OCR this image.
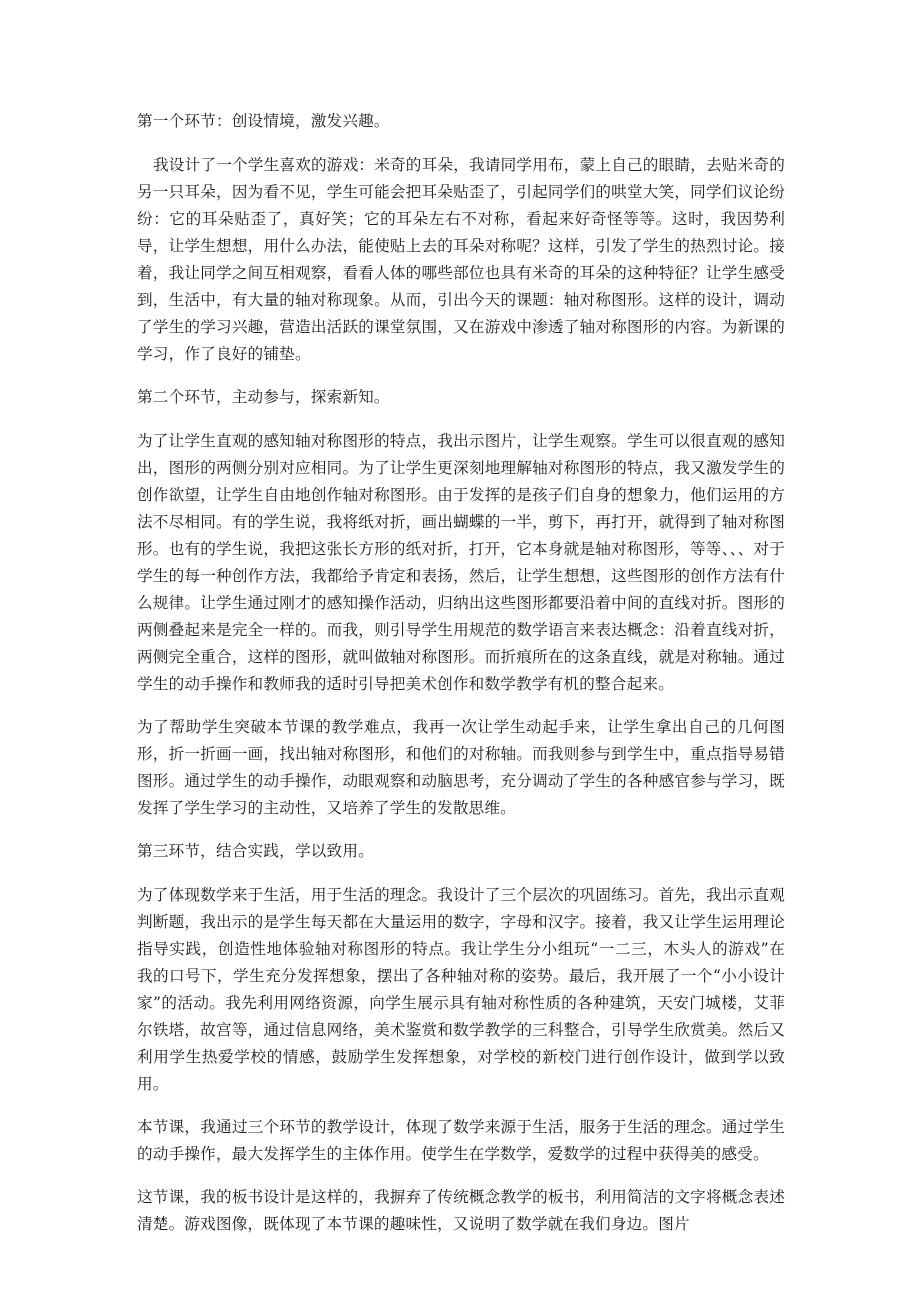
第一个环节：创设情境，激发兴趣。

我设计了一个学生喜欢的游戏：米奇的耳朵，我请同学用布，蒙上自己的眼睛，去贴米奇的另一只耳朵，因为看不见，学生可能会把耳朵贴歪了，引起同学们的哄堂大笑，同学们议论纷纷：它的耳朵贴歪了，真好笑；它的耳朵左右不对称，看起来好奇怪等等。这时，我因势利导，让学生想想，用什么办法，能使贴上去的耳朵对称呢？这样，引发了学生的热烈讨论。接着，我让同学之间互相观察，看看人体的哪些部位也具有米奇的耳朵的这种特征？让学生感受到，生活中，有大量的轴对称现象。从而，引出今天的课题：轴对称图形。这样的设计，调动了学生的学习兴趣，营造出活跃的课堂氛围，又在游戏中渗透了轴对称图形的内容。为新课的学习，作了良好的铺垫。

第二个环节，主动参与，探索新知。

为了让学生直观的感知轴对称图形的特点，我出示图片，让学生观察。学生可以很直观的感知出，图形的两侧分别对应相同。为了让学生更深刻地理解轴对称图形的特点，我又激发学生的创作欲望，让学生自由地创作轴对称图形。由于发挥的是孩子们自身的想象力，他们运用的方法不尽相同。有的学生说，我将纸对折，画出蝴蝶的一半，剪下，再打开，就得到了轴对称图形。也有的学生说，我把这张长方形的纸对折，打开，它本身就是轴对称图形，等等、、、对于学生的每一种创作方法，我都给予肯定和表扬，然后，让学生想想，这些图形的创作方法有什么规律。让学生通过刚才的感知操作活动，归纳出这些图形都要沿着中间的直线对折。图形的两侧叠起来是完全一样的。而我，则引导学生用规范的数学语言来表达概念：沿着直线对折，两侧完全重合，这样的图形，就叫做轴对称图形。而折痕所在的这条直线，就是对称轴。通过学生的动手操作和教师我的适时引导把美术创作和数学教学有机的整合起来。

为了帮助学生突破本节课的教学难点，我再一次让学生动起手来，让学生拿出自己的几何图形，折一折画一画，找出轴对称图形，和他们的对称轴。而我则参与到学生中，重点指导易错图形。通过学生的动手操作，动眼观察和动脑思考，充分调动了学生的各种感官参与学习，既发挥了学生学习的主动性，又培养了学生的发散思维。

第三环节，结合实践，学以致用。

为了体现数学来于生活，用于生活的理念。我设计了三个层次的巩固练习。首先，我出示直观判断题，我出示的是学生每天都在大量运用的数字，字母和汉字。接着，我又让学生运用理论指导实践，创造性地体验轴对称图形的特点。我让学生分小组玩“一二三，木头人的游戏”在我的口号下，学生充分发挥想象，摆出了各种轴对称的姿势。最后，我开展了一个“小小设计家”的活动。我先利用网络资源，向学生展示具有轴对称性质的各种建筑，天安门城楼，艾菲尔铁塔，故宫等，通过信息网络，美术鉴赏和数学教学的三科整合，引导学生欣赏美。然后又利用学生热爱学校的情感，鼓励学生发挥想象，对学校的新校门进行创作设计，做到学以致用。

本节课，我通过三个环节的教学设计，体现了数学来源于生活，服务于生活的理念。通过学生的动手操作，最大发挥学生的主体作用。使学生在学数学，爱数学的过程中获得美的感受。

这节课，我的板书设计是这样的，我摒弃了传统概念教学的板书，利用简洁的文字将概念表述清楚。游戏图像，既体现了本节课的趣味性，又说明了数学就在我们身边。图片
